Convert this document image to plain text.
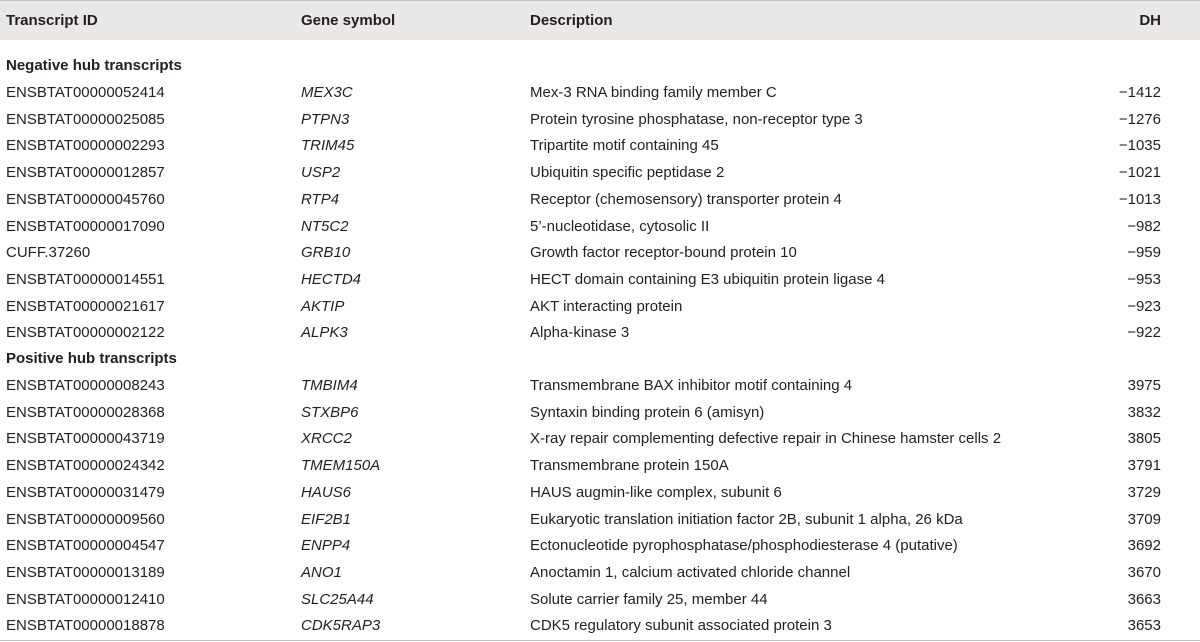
Transcript ID	Gene symbol	Description	DH
Negative hub transcripts
ENSBTAT00000052414	MEX3C	Mex-3 RNA binding family member C	−1412
ENSBTAT00000025085	PTPN3	Protein tyrosine phosphatase, non-receptor type 3	−1276
ENSBTAT00000002293	TRIM45	Tripartite motif containing 45	−1035
ENSBTAT00000012857	USP2	Ubiquitin specific peptidase 2	−1021
ENSBTAT00000045760	RTP4	Receptor (chemosensory) transporter protein 4	−1013
ENSBTAT00000017090	NT5C2	5’-nucleotidase, cytosolic II	−982
CUFF.37260	GRB10	Growth factor receptor-bound protein 10	−959
ENSBTAT00000014551	HECTD4	HECT domain containing E3 ubiquitin protein ligase 4	−953
ENSBTAT00000021617	AKTIP	AKT interacting protein	−923
ENSBTAT00000002122	ALPK3	Alpha-kinase 3	−922
Positive hub transcripts
ENSBTAT00000008243	TMBIM4	Transmembrane BAX inhibitor motif containing 4	3975
ENSBTAT00000028368	STXBP6	Syntaxin binding protein 6 (amisyn)	3832
ENSBTAT00000043719	XRCC2	X-ray repair complementing defective repair in Chinese hamster cells 2	3805
ENSBTAT00000024342	TMEM150A	Transmembrane protein 150A	3791
ENSBTAT00000031479	HAUS6	HAUS augmin-like complex, subunit 6	3729
ENSBTAT00000009560	EIF2B1	Eukaryotic translation initiation factor 2B, subunit 1 alpha, 26 kDa	3709
ENSBTAT00000004547	ENPP4	Ectonucleotide pyrophosphatase/phosphodiesterase 4 (putative)	3692
ENSBTAT00000013189	ANO1	Anoctamin 1, calcium activated chloride channel	3670
ENSBTAT00000012410	SLC25A44	Solute carrier family 25, member 44	3663
ENSBTAT00000018878	CDK5RAP3	CDK5 regulatory subunit associated protein 3	3653
